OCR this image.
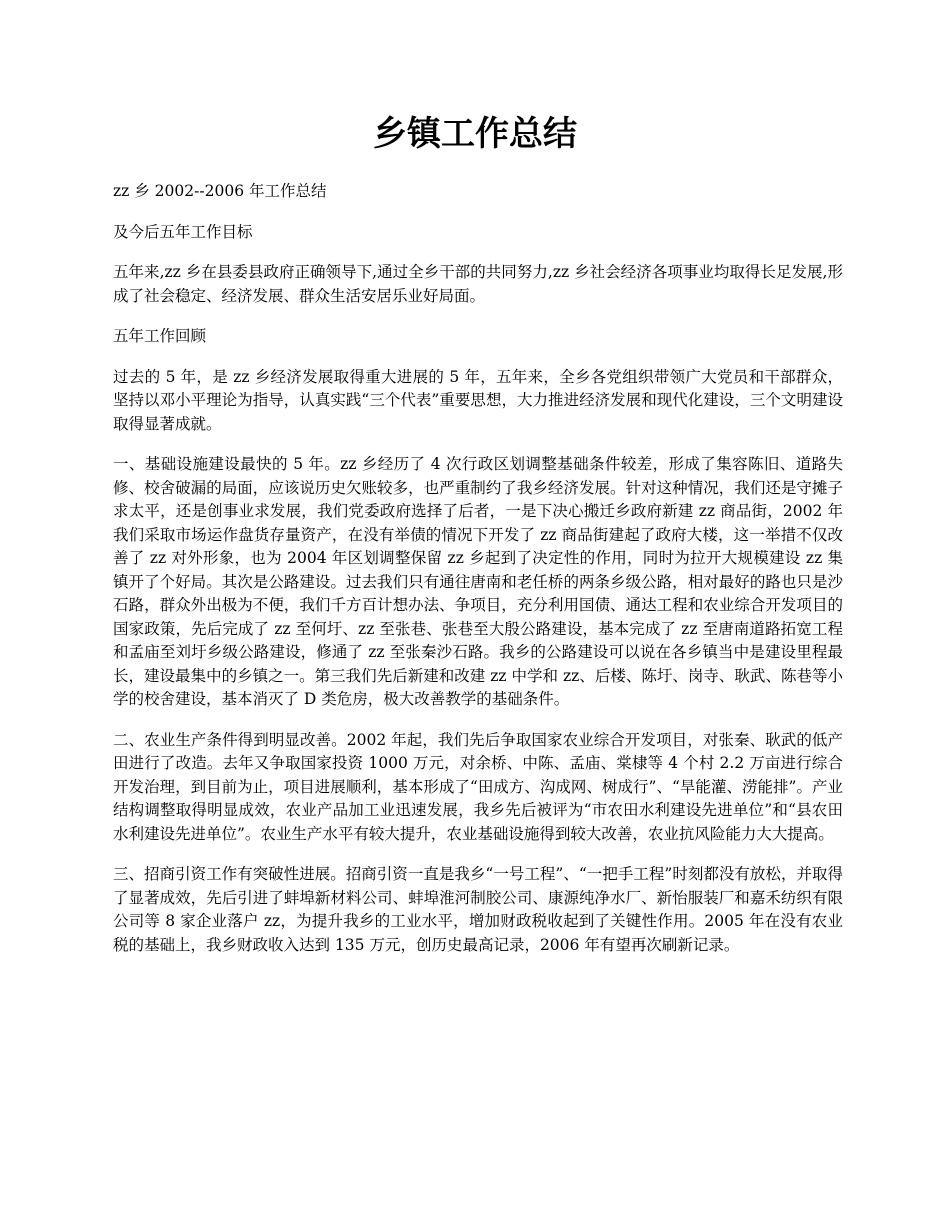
乡镇工作总结

zz 乡 2002--2006 年工作总结

及今后五年工作目标

五年来,zz 乡在县委县政府正确领导下,通过全乡干部的共同努力,zz 乡社会经济各项事业均取得长足发展,形成了社会稳定、经济发展、群众生活安居乐业好局面。

五年工作回顾

过去的 5 年，是 zz 乡经济发展取得重大进展的 5 年，五年来，全乡各党组织带领广大党员和干部群众，坚持以邓小平理论为指导，认真实践“三个代表”重要思想，大力推进经济发展和现代化建设，三个文明建设取得显著成就。

一、基础设施建设最快的 5 年。zz 乡经历了 4 次行政区划调整基础条件较差，形成了集容陈旧、道路失修、校舍破漏的局面，应该说历史欠账较多，也严重制约了我乡经济发展。针对这种情况，我们还是守摊子求太平，还是创事业求发展，我们党委政府选择了后者，一是下决心搬迁乡政府新建 zz 商品街，2002 年我们采取市场运作盘货存量资产，在没有举债的情况下开发了 zz 商品街建起了政府大楼，这一举措不仅改善了 zz 对外形象，也为 2004 年区划调整保留 zz 乡起到了决定性的作用，同时为拉开大规模建设 zz 集镇开了个好局。其次是公路建设。过去我们只有通往唐南和老任桥的两条乡级公路，相对最好的路也只是沙石路，群众外出极为不便，我们千方百计想办法、争项目，充分利用国债、通达工程和农业综合开发项目的国家政策，先后完成了 zz 至何圩、zz 至张巷、张巷至大殷公路建设，基本完成了 zz 至唐南道路拓宽工程和孟庙至刘圩乡级公路建设，修通了 zz 至张秦沙石路。我乡的公路建设可以说在各乡镇当中是建设里程最长，建设最集中的乡镇之一。第三我们先后新建和改建 zz 中学和 zz、后楼、陈圩、岗寺、耿武、陈巷等小学的校舍建设，基本消灭了 D 类危房，极大改善教学的基础条件。

二、农业生产条件得到明显改善。2002 年起，我们先后争取国家农业综合开发项目，对张秦、耿武的低产田进行了改造。去年又争取国家投资 1000 万元，对余桥、中陈、孟庙、棠棣等 4 个村 2.2 万亩进行综合开发治理，到目前为止，项目进展顺利，基本形成了“田成方、沟成网、树成行”、“旱能灌、涝能排”。产业结构调整取得明显成效，农业产品加工业迅速发展，我乡先后被评为“市农田水利建设先进单位”和“县农田水利建设先进单位”。农业生产水平有较大提升，农业基础设施得到较大改善，农业抗风险能力大大提高。

三、招商引资工作有突破性进展。招商引资一直是我乡“一号工程”、“一把手工程”时刻都没有放松，并取得了显著成效，先后引进了蚌埠新材料公司、蚌埠淮河制胶公司、康源纯净水厂、新怡服装厂和嘉禾纺织有限公司等 8 家企业落户 zz，为提升我乡的工业水平，增加财政税收起到了关键性作用。2005 年在没有农业税的基础上，我乡财政收入达到 135 万元，创历史最高记录，2006 年有望再次刷新记录。
